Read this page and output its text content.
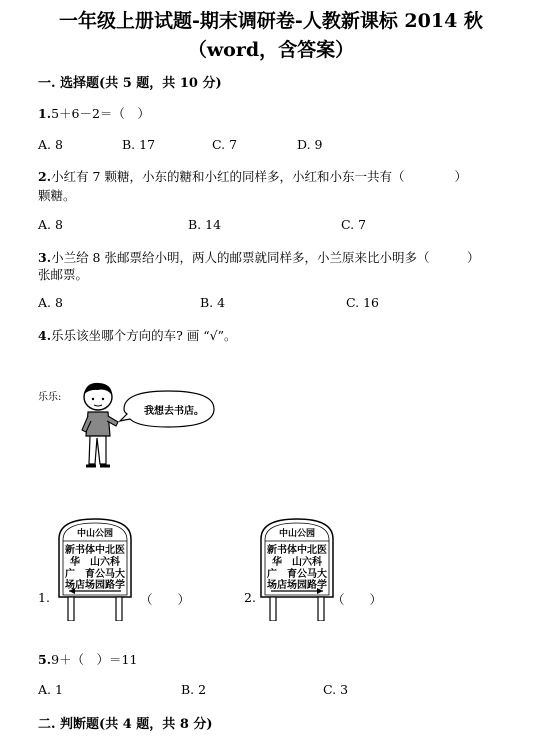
一年级上册试题-期末调研卷-人教新课标 2014 秋
（word，含答案）
一. 选择题(共 5 题，共 10 分)
1.5＋6－2＝（　）
A. 8	B. 17	C. 7	D. 9
2.小红有 7 颗糖，小东的糖和小红的同样多，小红和小东一共有（　　　　）
颗糖。
A. 8	B. 14	C. 7
3.小兰给 8 张邮票给小明，两人的邮票就同样多，小兰原来比小明多（　　　）
张邮票。
A. 8	B. 4	C. 16
4.乐乐该坐哪个方向的车? 画 “√”。
乐乐:
我想去书店。
中山公园
新书体中北医
华　山六科
广　育公马大
场店场园路学
1.	（　　）
中山公园
新书体中北医
华　山六科
广　育公马大
场店场园路学
2.	（　　）
5.9＋（　）＝11
A. 1	B. 2	C. 3
二. 判断题(共 4 题，共 8 分)
